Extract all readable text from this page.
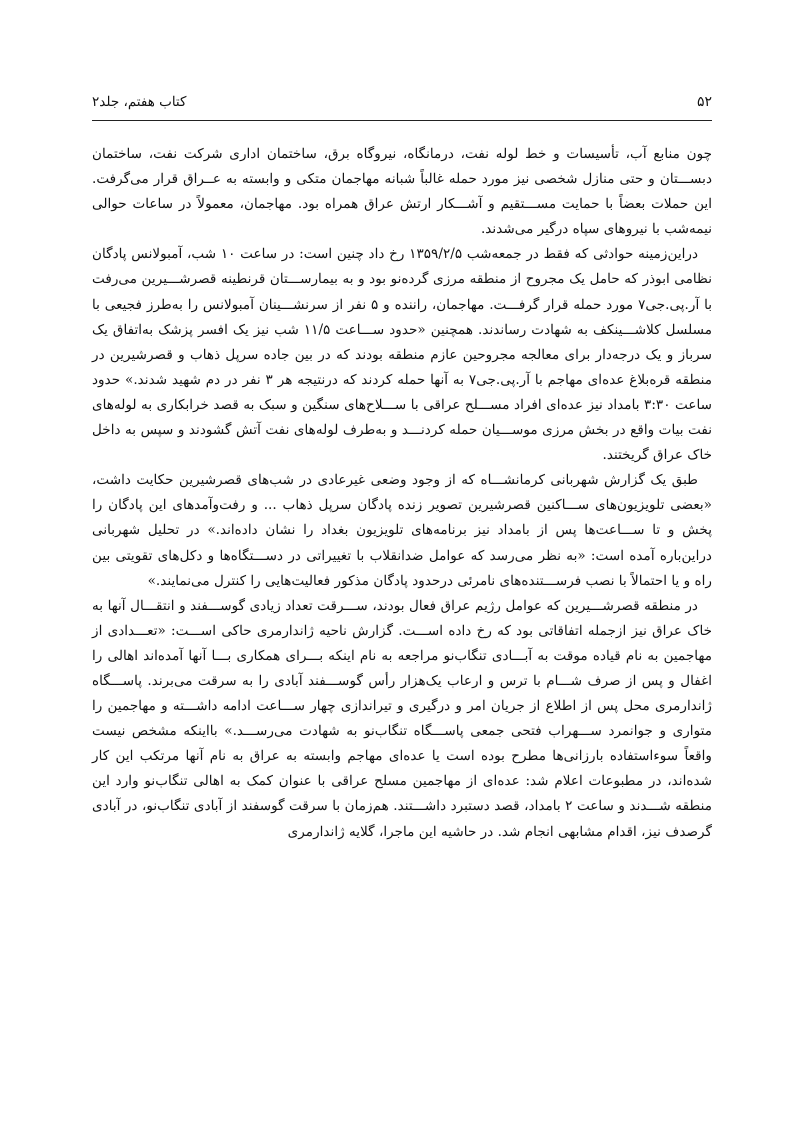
۵۲
کتاب هفتم، جلد۲

چون منابع آب، تأسیسات و خط لوله نفت، درمانگاه، نیروگاه برق، ساختمان اداری شرکت نفت، ساختمان دبســـتان و حتی منازل شخصی نیز مورد حمله غالباً شبانه مهاجمان متکی و وابسته به عــراق قرار می‌گرفت. این حملات بعضاً با حمایت مســـتقیم و آشـــکار ارتش عراق همراه بود. مهاجمان، معمولاً در ساعات حوالی نیمه‌شب با نیروهای سپاه درگیر می‌شدند.

دراین‌زمینه حوادثی که فقط در جمعه‌شب ۱۳۵۹/۲/۵ رخ داد چنین است: در ساعت ۱۰ شب، آمبولانس پادگان نظامی ابوذر که حامل یک مجروح از منطقه مرزی گردەنو بود و به بیمارســـتان قرنطینه قصرشـــیرین می‌رفت با آر.پی.جی۷ مورد حمله قرار گرفـــت. مهاجمان، راننده و ۵ نفر از سرنشـــینان آمبولانس را به‌طرز فجیعی با مسلسل کلاشـــینکف به شهادت رساندند. همچنین «حدود ســـاعت ۱۱/۵ شب نیز یک افسر پزشک به‌اتفاق یک سرباز و یک درجه‌دار برای معالجه مجروحین عازم منطقه بودند که در بین جاده سرپل ذهاب و قصرشیرین در منطقه قره‌بلاغ عده‌ای مهاجم با آر.پی.جی۷ به آنها حمله کردند که درنتیجه هر ۳ نفر در دم شهید شدند.» حدود ساعت ۳:۳۰ بامداد نیز عده‌ای افراد مســـلح عراقی با ســـلاح‌های سنگین و سبک به قصد خرابکاری به لوله‌های نفت بیات واقع در بخش مرزی موســـیان حمله کردنـــد و به‌طرف لوله‌های نفت آتش گشودند و سپس به داخل خاک عراق گریختند.

طبق یک گزارش شهربانی کرمانشـــاه که از وجود وضعی غیرعادی در شب‌های قصرشیرین حکایت داشت، «بعضی تلویزیون‌های ســـاکنین قصرشیرین تصویر زنده پادگان سرپل ذهاب ... و رفت‌وآمدهای این پادگان را پخش و تا ســـاعت‌ها پس از بامداد نیز برنامه‌های تلویزیون بغداد را نشان داده‌اند.» در تحلیل شهربانی دراین‌باره آمده است: «به نظر می‌رسد که عوامل ضدانقلاب با تغییراتی در دســـتگاه‌ها و دکل‌های تقویتی بین راه و یا احتمالاً با نصب فرســـتنده‌های نامرئی درحدود پادگان مذکور فعالیت‌هایی را کنترل می‌نمایند.»

در منطقه قصرشـــیرین که عوامل رژیم عراق فعال بودند، ســـرقت تعداد زیادی گوســـفند و انتقـــال آنها به خاک عراق نیز ازجمله اتفاقاتی بود که رخ داده اســـت. گزارش ناحیه ژاندارمری حاکی اســـت: «تعـــدادی از مهاجمین به نام قیاده موقت به آبـــادی تنگاب‌نو مراجعه به نام اینکه بـــرای همکاری بـــا آنها آمده‌اند اهالی را اغفال و پس از صرف شـــام با ترس و ارعاب یک‌هزار رأس گوســـفند آبادی را به سرقت می‌برند. پاســـگاه ژاندارمری محل پس از اطلاع از جریان امر و درگیری و تیراندازی چهار ســـاعت ادامه داشـــته و مهاجمین را متواری و جوانمرد ســـهراب فتحی جمعی پاســـگاه تنگاب‌نو به شهادت می‌رســـد.» بااینکه مشخص نیست واقعاً سوءاستفاده بارزانی‌ها مطرح بوده است یا عده‌ای مهاجم وابسته به عراق به نام آنها مرتکب این کار شده‌اند، در مطبوعات اعلام شد: عده‌ای از مهاجمین مسلح عراقی با عنوان کمک به اهالی تنگاب‌نو وارد این منطقه شـــدند و ساعت ۲ بامداد، قصد دستبرد داشـــتند. هم‌زمان با سرقت گوسفند از آبادی تنگاب‌نو، در آبادی گرصدف نیز، اقدام مشابهی انجام شد. در حاشیه این ماجرا، گلایه ژاندارمری
